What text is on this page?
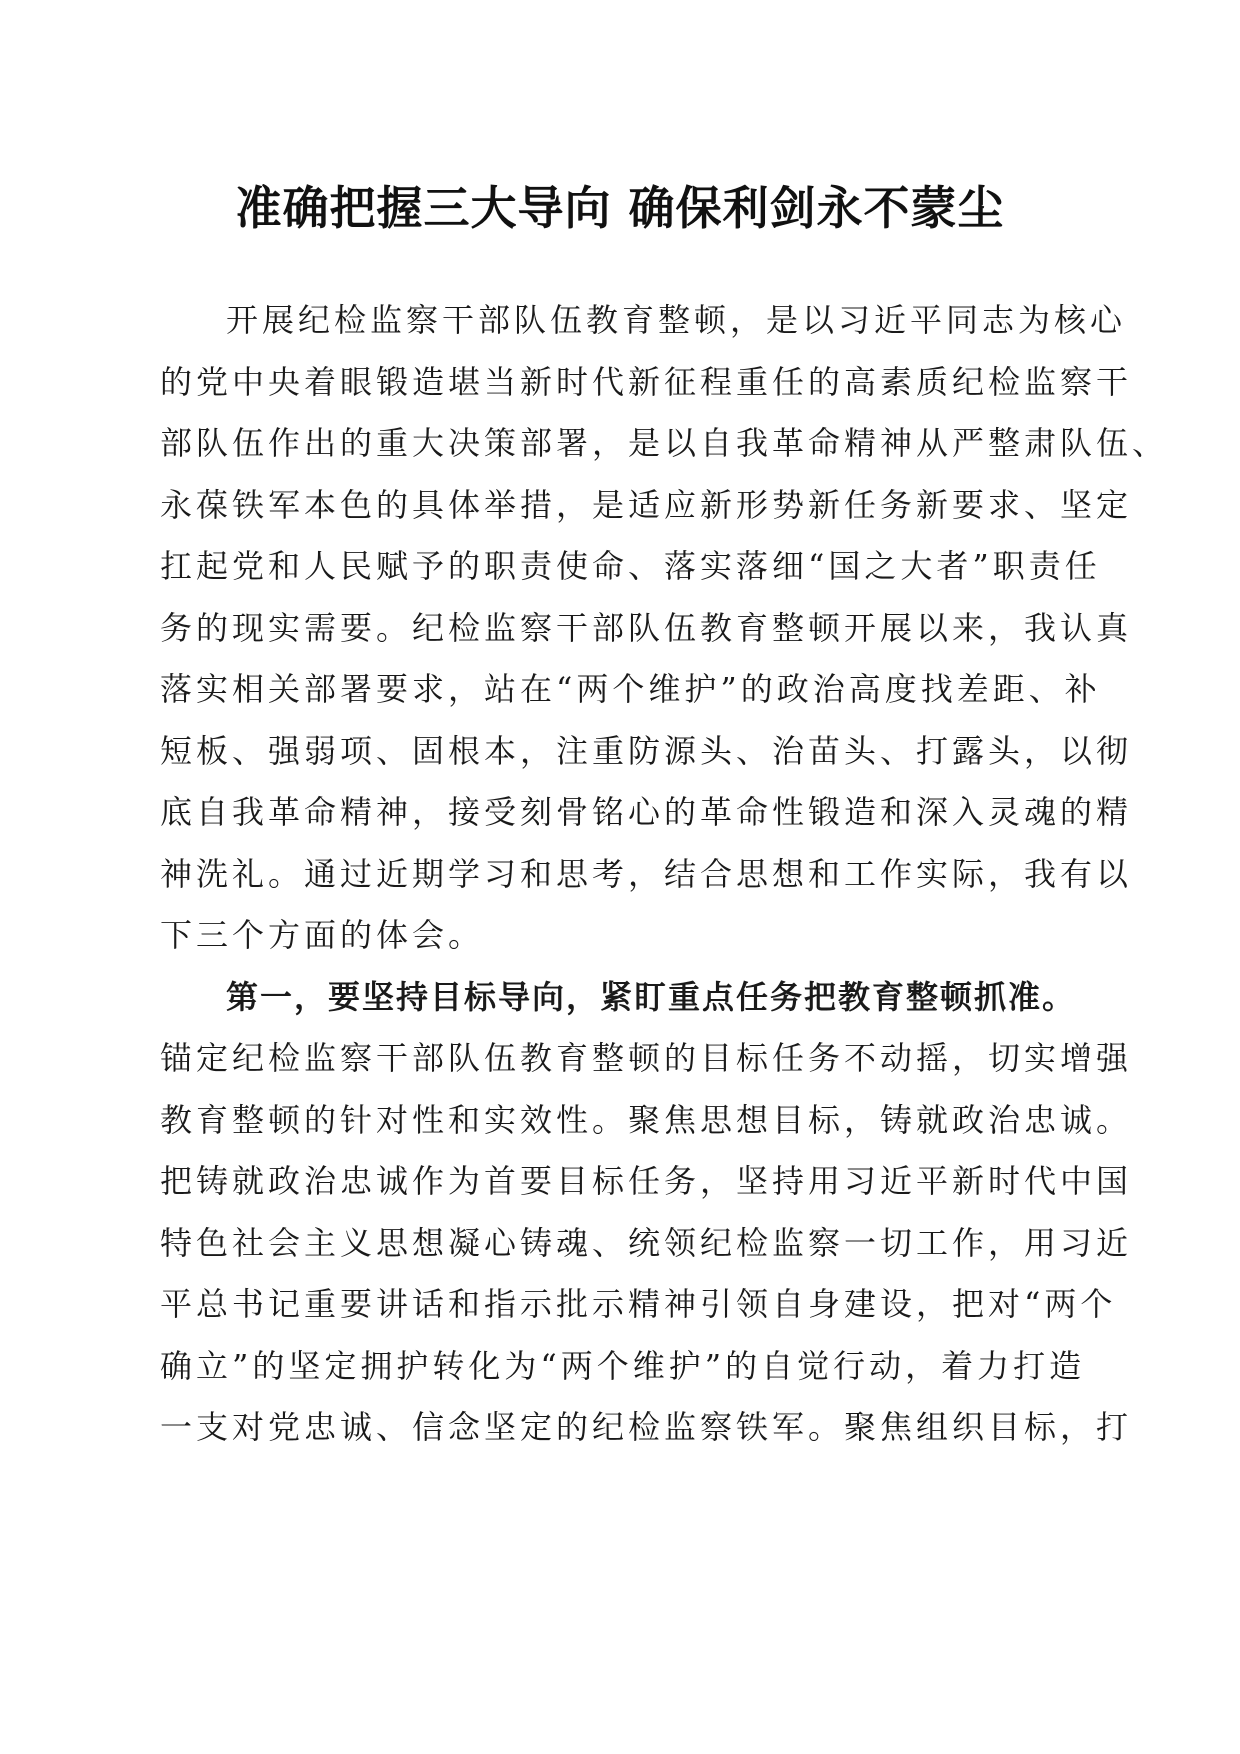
准确把握三大导向 确保利剑永不蒙尘
开展纪检监察干部队伍教育整顿，是以习近平同志为核心
的党中央着眼锻造堪当新时代新征程重任的高素质纪检监察干
部队伍作出的重大决策部署，是以自我革命精神从严整肃队伍、
永葆铁军本色的具体举措，是适应新形势新任务新要求、坚定
扛起党和人民赋予的职责使命、落实落细“国之大者”职责任
务的现实需要。纪检监察干部队伍教育整顿开展以来，我认真
落实相关部署要求，站在“两个维护”的政治高度找差距、补
短板、强弱项、固根本，注重防源头、治苗头、打露头，以彻
底自我革命精神，接受刻骨铭心的革命性锻造和深入灵魂的精
神洗礼。通过近期学习和思考，结合思想和工作实际，我有以
下三个方面的体会。
第一，要坚持目标导向，紧盯重点任务把教育整顿抓准。
锚定纪检监察干部队伍教育整顿的目标任务不动摇，切实增强
教育整顿的针对性和实效性。聚焦思想目标，铸就政治忠诚。
把铸就政治忠诚作为首要目标任务，坚持用习近平新时代中国
特色社会主义思想凝心铸魂、统领纪检监察一切工作，用习近
平总书记重要讲话和指示批示精神引领自身建设，把对“两个
确立”的坚定拥护转化为“两个维护”的自觉行动，着力打造
一支对党忠诚、信念坚定的纪检监察铁军。聚焦组织目标，打
